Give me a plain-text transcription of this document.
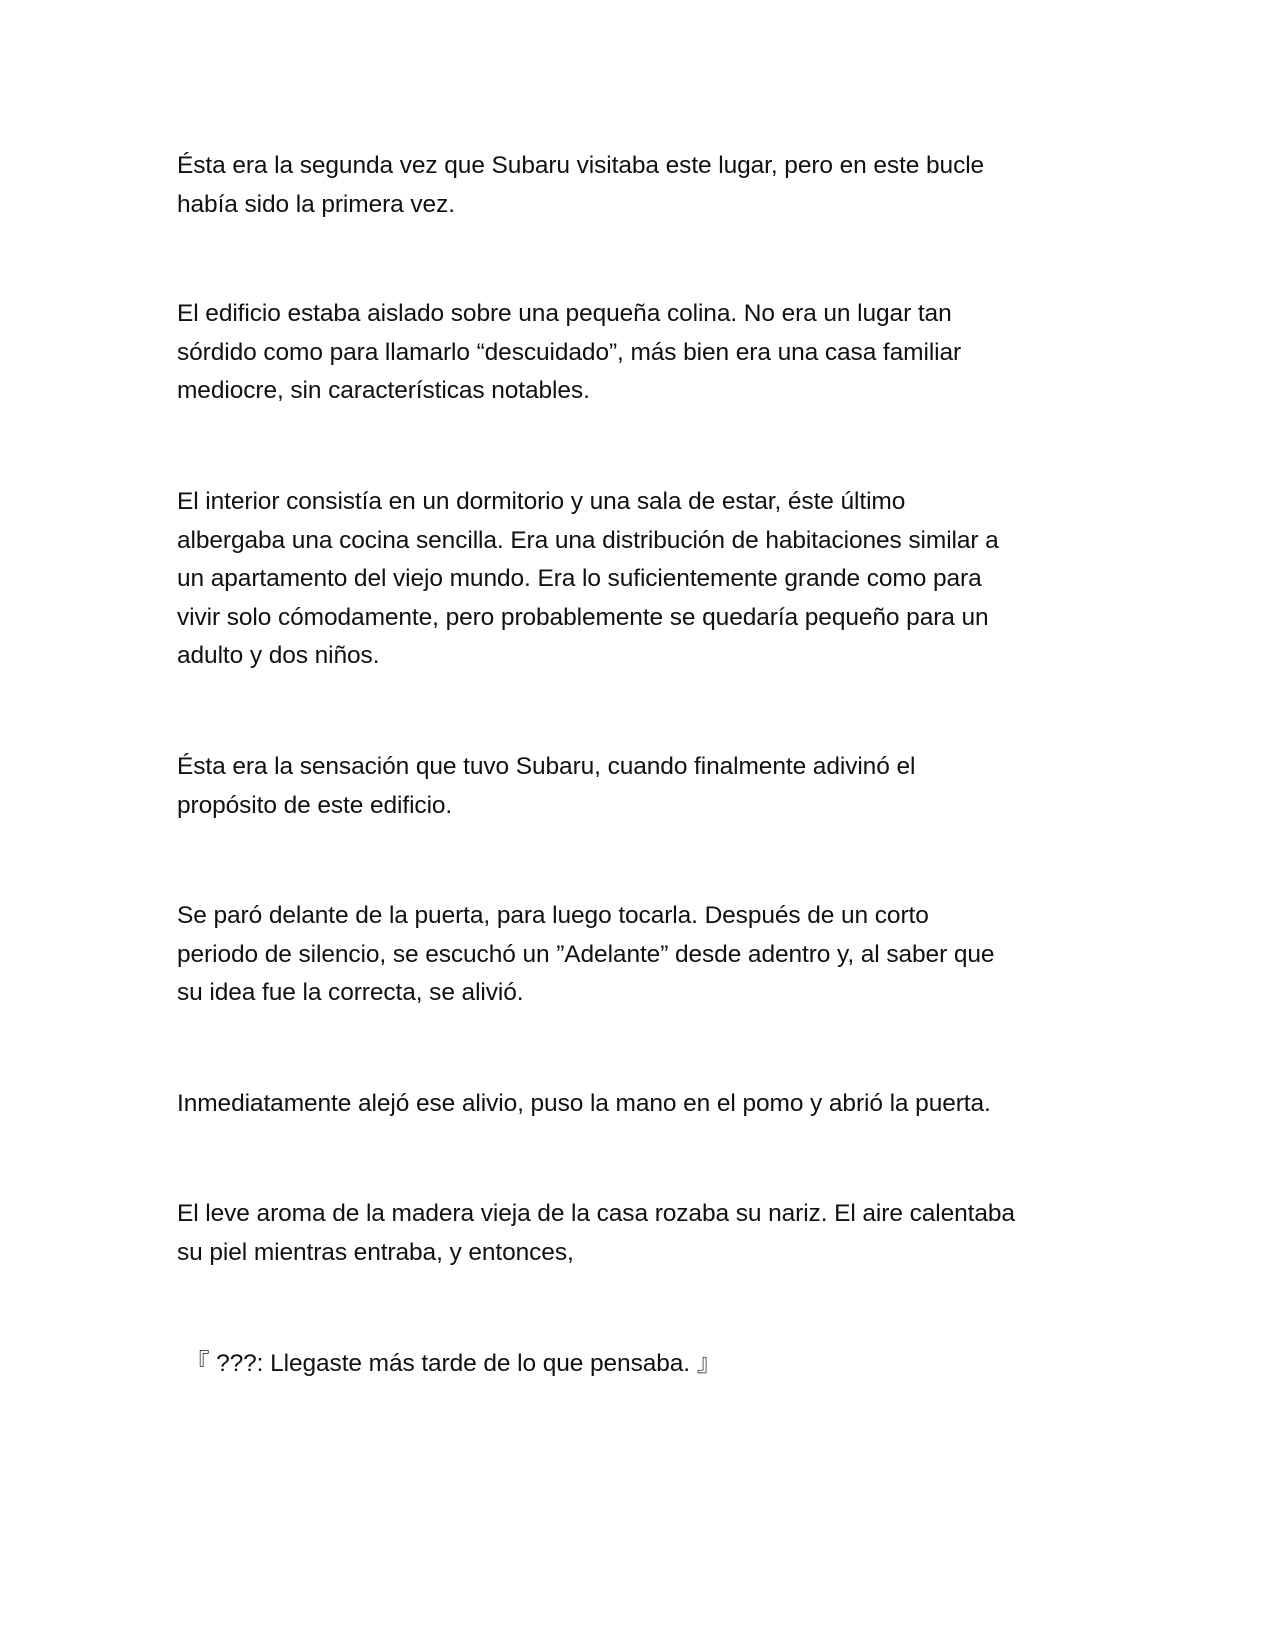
Ésta era la segunda vez que Subaru visitaba este lugar, pero en este bucle
había sido la primera vez.

El edificio estaba aislado sobre una pequeña colina. No era un lugar tan
sórdido como para llamarlo “descuidado”, más bien era una casa familiar
mediocre, sin características notables.

El interior consistía en un dormitorio y una sala de estar, éste último
albergaba una cocina sencilla. Era una distribución de habitaciones similar a
un apartamento del viejo mundo. Era lo suficientemente grande como para
vivir solo cómodamente, pero probablemente se quedaría pequeño para un
adulto y dos niños.

Ésta era la sensación que tuvo Subaru, cuando finalmente adivinó el
propósito de este edificio.

Se paró delante de la puerta, para luego tocarla. Después de un corto
periodo de silencio, se escuchó un ”Adelante” desde adentro y, al saber que
su idea fue la correcta, se alivió.

Inmediatamente alejó ese alivio, puso la mano en el pomo y abrió la puerta.

El leve aroma de la madera vieja de la casa rozaba su nariz. El aire calentaba
su piel mientras entraba, y entonces,

『 ???: Llegaste más tarde de lo que pensaba. 』
